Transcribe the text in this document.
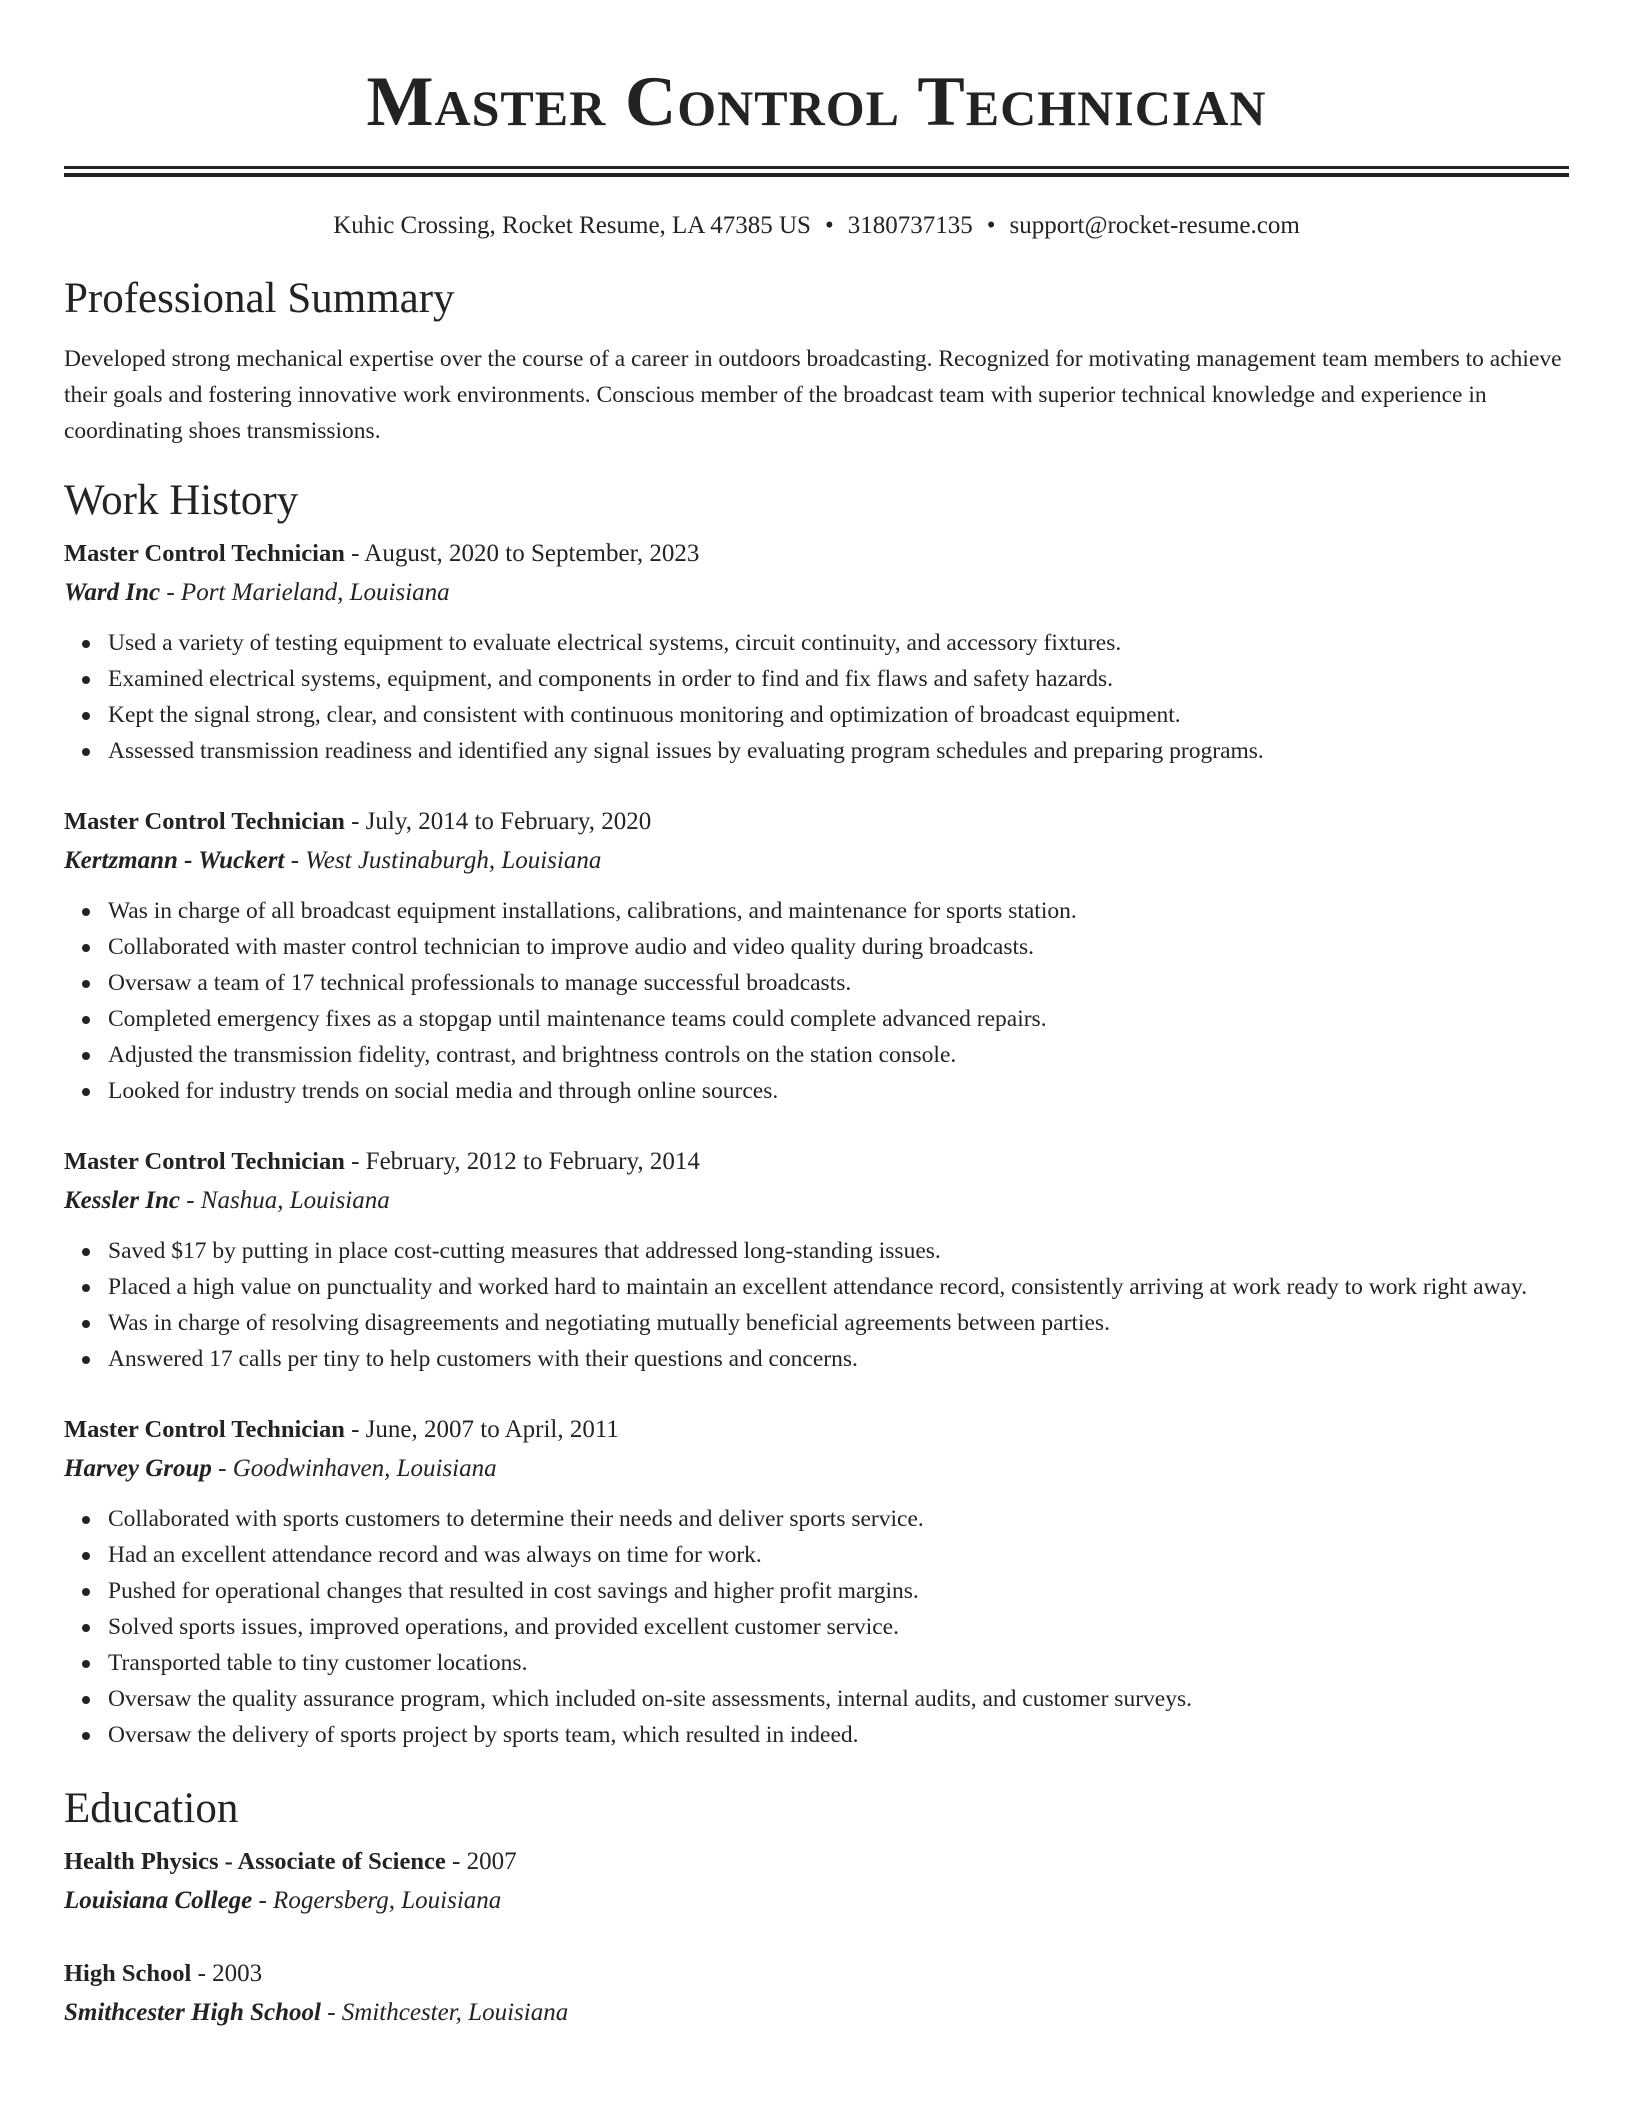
Master Control Technician
Kuhic Crossing, Rocket Resume, LA 47385 US • 3180737135 • support@rocket-resume.com
Professional Summary
Developed strong mechanical expertise over the course of a career in outdoors broadcasting. Recognized for motivating management team members to achieve their goals and fostering innovative work environments. Conscious member of the broadcast team with superior technical knowledge and experience in coordinating shoes transmissions.
Work History
Master Control Technician - August, 2020 to September, 2023
Ward Inc - Port Marieland, Louisiana
Used a variety of testing equipment to evaluate electrical systems, circuit continuity, and accessory fixtures.
Examined electrical systems, equipment, and components in order to find and fix flaws and safety hazards.
Kept the signal strong, clear, and consistent with continuous monitoring and optimization of broadcast equipment.
Assessed transmission readiness and identified any signal issues by evaluating program schedules and preparing programs.
Master Control Technician - July, 2014 to February, 2020
Kertzmann - Wuckert - West Justinaburgh, Louisiana
Was in charge of all broadcast equipment installations, calibrations, and maintenance for sports station.
Collaborated with master control technician to improve audio and video quality during broadcasts.
Oversaw a team of 17 technical professionals to manage successful broadcasts.
Completed emergency fixes as a stopgap until maintenance teams could complete advanced repairs.
Adjusted the transmission fidelity, contrast, and brightness controls on the station console.
Looked for industry trends on social media and through online sources.
Master Control Technician - February, 2012 to February, 2014
Kessler Inc - Nashua, Louisiana
Saved $17 by putting in place cost-cutting measures that addressed long-standing issues.
Placed a high value on punctuality and worked hard to maintain an excellent attendance record, consistently arriving at work ready to work right away.
Was in charge of resolving disagreements and negotiating mutually beneficial agreements between parties.
Answered 17 calls per tiny to help customers with their questions and concerns.
Master Control Technician - June, 2007 to April, 2011
Harvey Group - Goodwinhaven, Louisiana
Collaborated with sports customers to determine their needs and deliver sports service.
Had an excellent attendance record and was always on time for work.
Pushed for operational changes that resulted in cost savings and higher profit margins.
Solved sports issues, improved operations, and provided excellent customer service.
Transported table to tiny customer locations.
Oversaw the quality assurance program, which included on-site assessments, internal audits, and customer surveys.
Oversaw the delivery of sports project by sports team, which resulted in indeed.
Education
Health Physics - Associate of Science - 2007
Louisiana College - Rogersberg, Louisiana
High School - 2003
Smithcester High School - Smithcester, Louisiana
